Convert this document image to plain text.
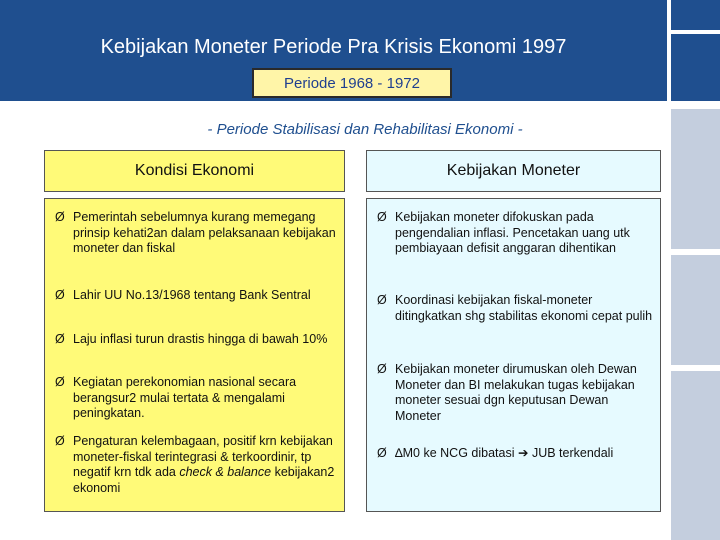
Kebijakan Moneter Periode Pra Krisis Ekonomi 1997
Periode 1968 - 1972
- Periode Stabilisasi dan Rehabilitasi Ekonomi -
Kondisi Ekonomi	Kebijakan Moneter
Ø Pemerintah sebelumnya kurang memegang prinsip kehati2an dalam pelaksanaan kebijakan moneter dan fiskal
Ø Lahir UU No.13/1968 tentang Bank Sentral
Ø Laju inflasi turun drastis hingga di bawah 10%
Ø Kegiatan perekonomian nasional secara berangsur2 mulai tertata & mengalami peningkatan.
Ø Pengaturan kelembagaan, positif krn kebijakan moneter-fiskal terintegrasi & terkoordinir, tp negatif krn tdk ada check & balance kebijakan2 ekonomi
Ø Kebijakan moneter difokuskan pada pengendalian inflasi. Pencetakan uang utk pembiayaan defisit anggaran dihentikan
Ø Koordinasi kebijakan fiskal-moneter ditingkatkan shg stabilitas ekonomi cepat pulih
Ø Kebijakan moneter dirumuskan oleh Dewan Moneter dan BI melakukan tugas kebijakan moneter sesuai dgn keputusan Dewan Moneter
Ø ∆M0 ke NCG dibatasi ➔ JUB terkendali
